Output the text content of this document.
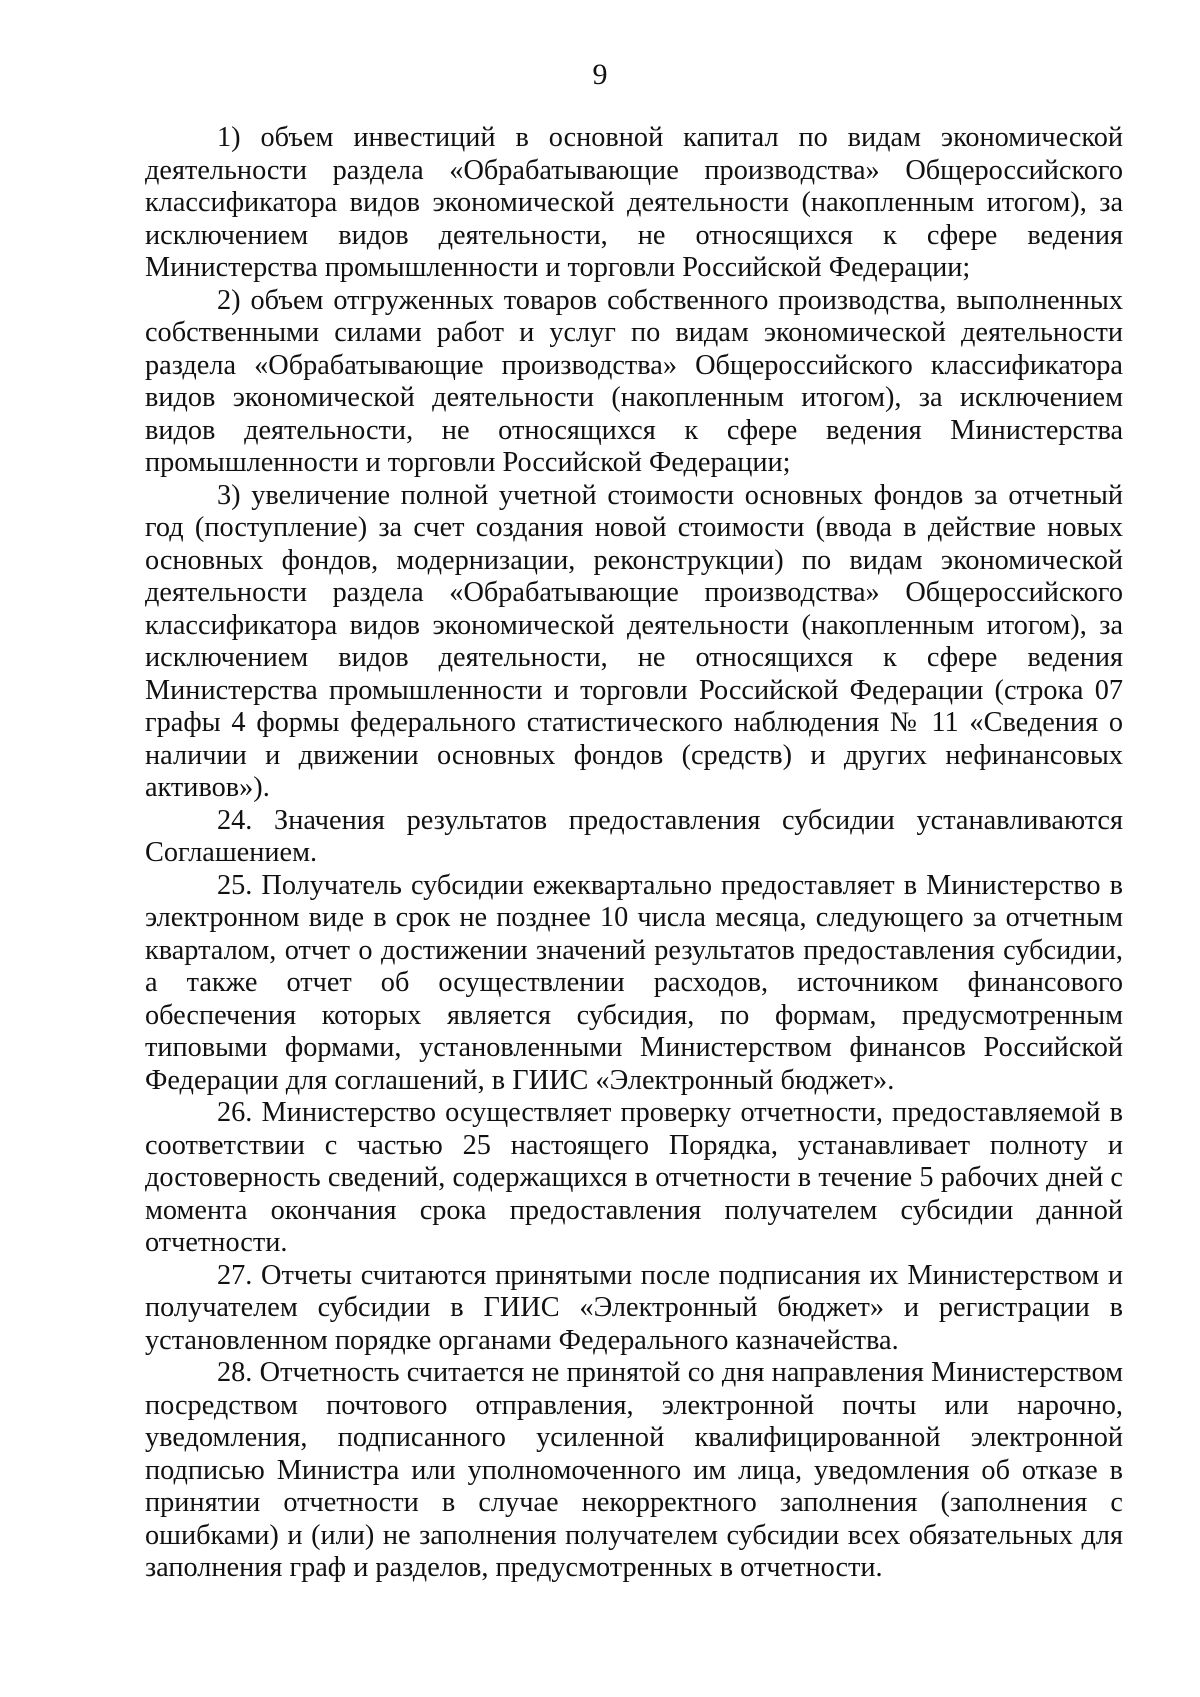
9

1) объем инвестиций в основной капитал по видам экономической деятельности раздела «Обрабатывающие производства» Общероссийского классификатора видов экономической деятельности (накопленным итогом), за исключением видов деятельности, не относящихся к сфере ведения Министерства промышленности и торговли Российской Федерации;

2) объем отгруженных товаров собственного производства, выполненных собственными силами работ и услуг по видам экономической деятельности раздела «Обрабатывающие производства» Общероссийского классификатора видов экономической деятельности (накопленным итогом), за исключением видов деятельности, не относящихся к сфере ведения Министерства промышленности и торговли Российской Федерации;

3) увеличение полной учетной стоимости основных фондов за отчетный год (поступление) за счет создания новой стоимости (ввода в действие новых основных фондов, модернизации, реконструкции) по видам экономической деятельности раздела «Обрабатывающие производства» Общероссийского классификатора видов экономической деятельности (накопленным итогом), за исключением видов деятельности, не относящихся к сфере ведения Министерства промышленности и торговли Российской Федерации (строка 07 графы 4 формы федерального статистического наблюдения № 11 «Сведения о наличии и движении основных фондов (средств) и других нефинансовых активов»).

24. Значения результатов предоставления субсидии устанавливаются Соглашением.

25. Получатель субсидии ежеквартально предоставляет в Министерство в электронном виде в срок не позднее 10 числа месяца, следующего за отчетным кварталом, отчет о достижении значений результатов предоставления субсидии, а также отчет об осуществлении расходов, источником финансового обеспечения которых является субсидия, по формам, предусмотренным типовыми формами, установленными Министерством финансов Российской Федерации для соглашений, в ГИИС «Электронный бюджет».

26. Министерство осуществляет проверку отчетности, предоставляемой в соответствии с частью 25 настоящего Порядка, устанавливает полноту и достоверность сведений, содержащихся в отчетности в течение 5 рабочих дней с момента окончания срока предоставления получателем субсидии данной отчетности.

27. Отчеты считаются принятыми после подписания их Министерством и получателем субсидии в ГИИС «Электронный бюджет» и регистрации в установленном порядке органами Федерального казначейства.

28. Отчетность считается не принятой со дня направления Министерством посредством почтового отправления, электронной почты или нарочно, уведомления, подписанного усиленной квалифицированной электронной подписью Министра или уполномоченного им лица, уведомления об отказе в принятии отчетности в случае некорректного заполнения (заполнения с ошибками) и (или) не заполнения получателем субсидии всех обязательных для заполнения граф и разделов, предусмотренных в отчетности.
